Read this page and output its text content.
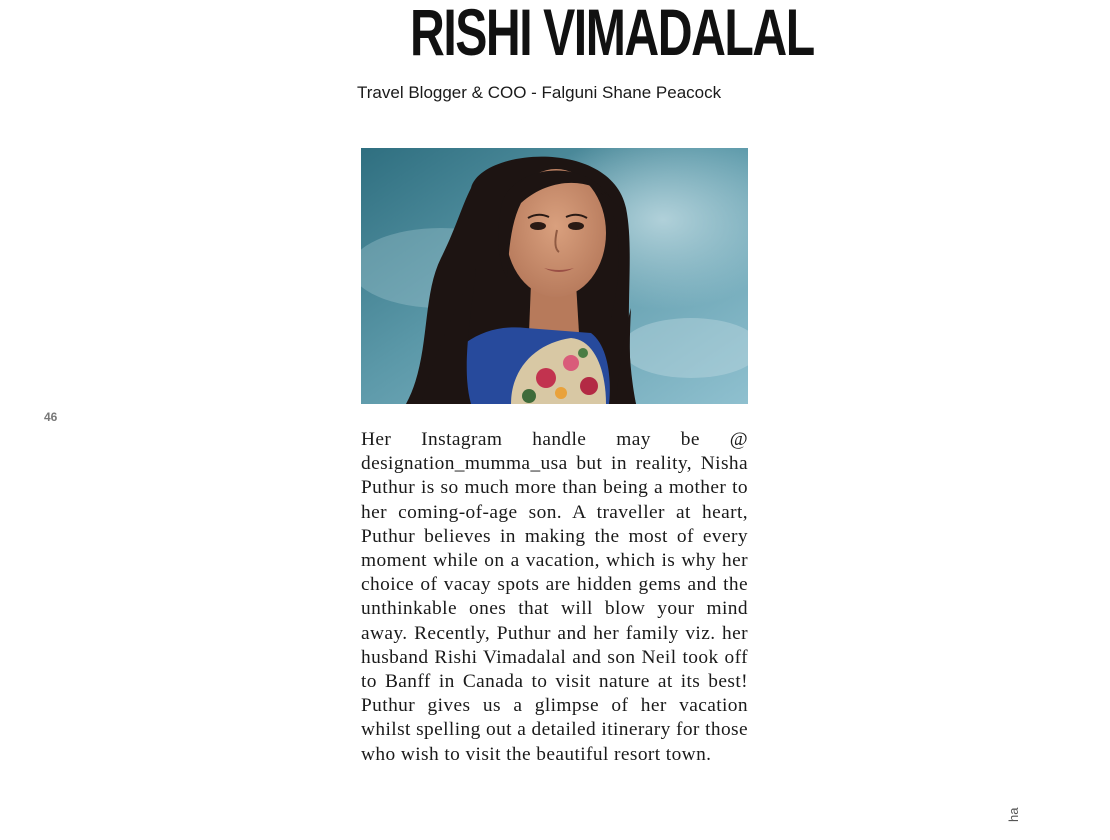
RISHI VIMADALAL
Travel Blogger & COO - Falguni Shane Peacock
46

Her Instagram handle may be @ designation_mumma_usa but in reality, Nisha Puthur is so much more than being a mother to her coming-of-age son. A traveller at heart, Puthur believes in making the most of every moment while on a vacation, which is why her choice of vacay spots are hidden gems and the unthinkable ones that will blow your mind away. Recently, Puthur and her family viz. her husband Rishi Vimadalal and son Neil took off to Banff in Canada to visit nature at its best! Puthur gives us a glimpse of her vacation whilst spelling out a detailed itinerary for those who wish to visit the beautiful resort town.

ha
